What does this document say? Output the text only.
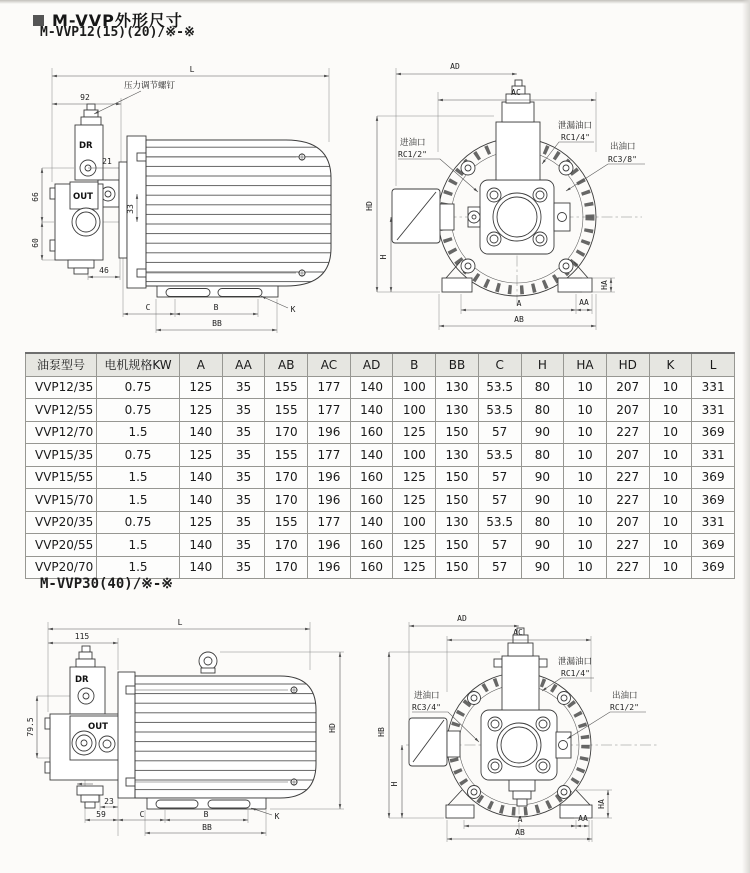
M-VVP外形尺寸
M-VVP12(15)(20)/※-※
DR
OUT
L
92
压力调节螺钉
21
66
60
33
46
C	B
BB
K
AD
AC
HD
H
HA
A	AA
AB
进油口
RC1/2"
泄漏油口
RC1/4"
出油口
RC3/8"
油泵型号	电机规格KW	A	AA	AB	AC	AD	B	BB	C	H	HA	HD	K	L
VVP12/35	0.75	125	35	155	177	140	100	130	53.5	80	10	207	10	331
VVP12/55	0.75	125	35	155	177	140	100	130	53.5	80	10	207	10	331
VVP12/70	1.5	140	35	170	196	160	125	150	57	90	10	227	10	369
VVP15/35	0.75	125	35	155	177	140	100	130	53.5	80	10	207	10	331
VVP15/55	1.5	140	35	170	196	160	125	150	57	90	10	227	10	369
VVP15/70	1.5	140	35	170	196	160	125	150	57	90	10	227	10	369
VVP20/35	0.75	125	35	155	177	140	100	130	53.5	80	10	207	10	331
VVP20/55	1.5	140	35	170	196	160	125	150	57	90	10	227	10	369
VVP20/70	1.5	140	35	170	196	160	125	150	57	90	10	227	10	369
M-VVP30(40)/※-※
DR
OUT
L
115
HD
79.5
23
59	C	B
BB
K
AD
AC
HB
H
HA
A	AA
AB
泄漏油口
RC1/4"
出油口
RC1/2"
进油口
RC3/4"
